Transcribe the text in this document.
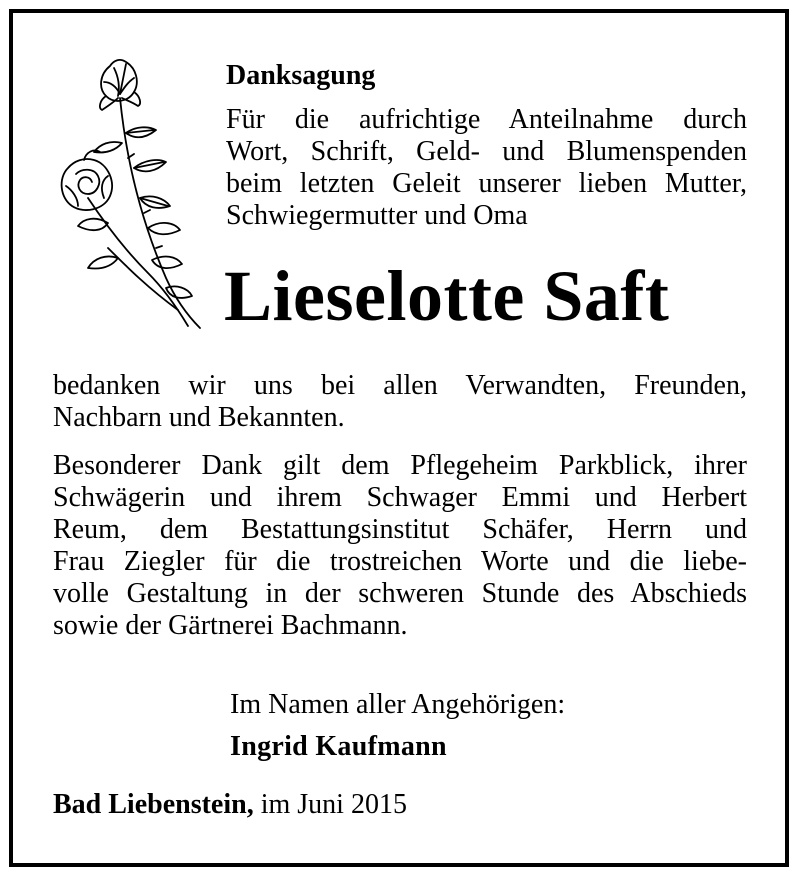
Danksagung
Für die aufrichtige Anteilnahme durch
Wort, Schrift, Geld- und Blumenspenden
beim letzten Geleit unserer lieben Mutter,
Schwiegermutter und Oma
Lieselotte Saft
bedanken wir uns bei allen Verwandten, Freunden,
Nachbarn und Bekannten.
Besonderer Dank gilt dem Pflegeheim Parkblick, ihrer
Schwägerin und ihrem Schwager Emmi und Herbert
Reum, dem Bestattungsinstitut Schäfer, Herrn und
Frau Ziegler für die trostreichen Worte und die liebe-
volle Gestaltung in der schweren Stunde des Abschieds
sowie der Gärtnerei Bachmann.
Im Namen aller Angehörigen:
Ingrid Kaufmann
Bad Liebenstein, im Juni 2015
